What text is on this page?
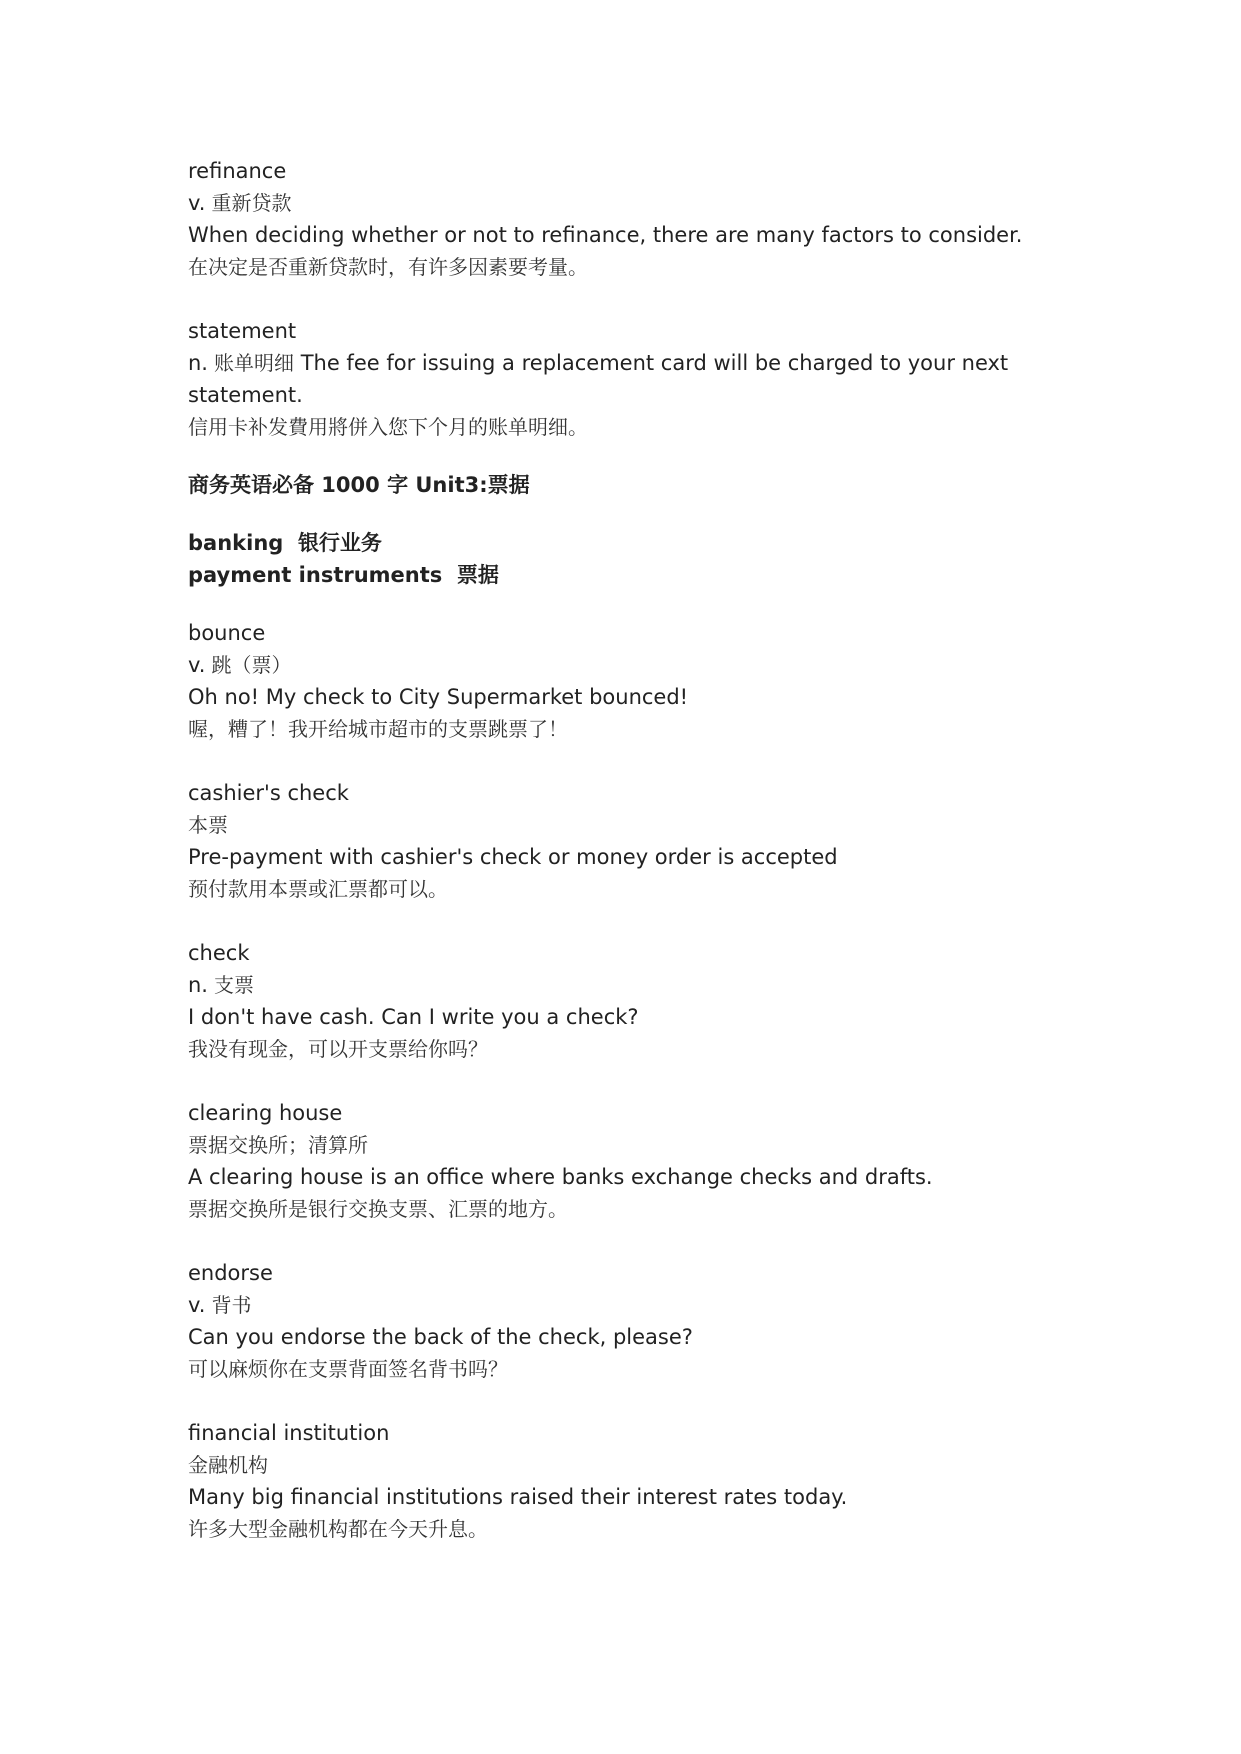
refinance
v. 重新贷款
When deciding whether or not to refinance, there are many factors to consider.
在决定是否重新贷款时，有许多因素要考量。
statement
n. 账单明细 The fee for issuing a replacement card will be charged to your next
statement.
信用卡补发費用將併入您下个月的账单明细。
商务英语必备 1000 字 Unit3:票据
banking 银行业务
payment instruments 票据
bounce
v. 跳（票）
Oh no! My check to City Supermarket bounced!
喔，糟了！我开给城市超市的支票跳票了！
cashier's check
本票
Pre-payment with cashier's check or money order is accepted
预付款用本票或汇票都可以。
check
n. 支票
I don't have cash. Can I write you a check?
我没有现金，可以开支票给你吗？
clearing house
票据交换所；清算所
A clearing house is an office where banks exchange checks and drafts.
票据交换所是银行交换支票、汇票的地方。
endorse
v. 背书
Can you endorse the back of the check, please?
可以麻烦你在支票背面签名背书吗？
financial institution
金融机构
Many big financial institutions raised their interest rates today.
许多大型金融机构都在今天升息。
